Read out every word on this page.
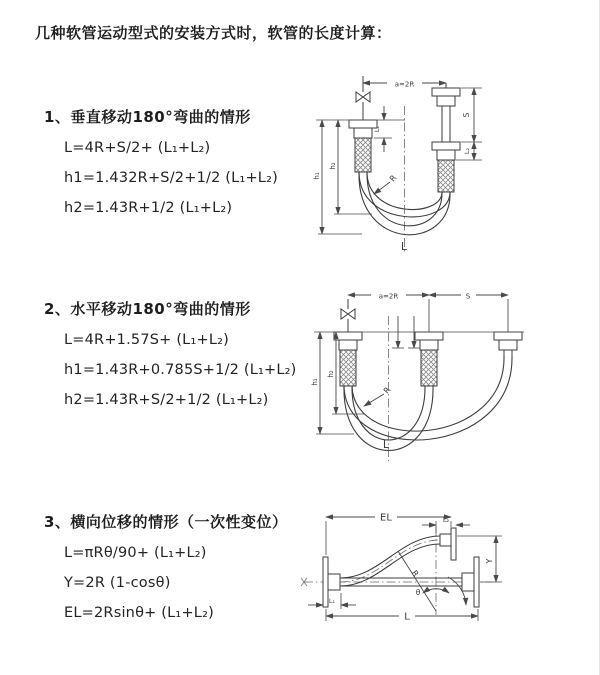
几种软管运动型式的安装方式时，软管的长度计算：
1、垂直移动180°弯曲的情形
L=4R+S/2+ (L₁+L₂)
h1=1.432R+S/2+1/2 (L₁+L₂)
h2=1.43R+1/2 (L₁+L₂)
a=2R
S
L₂
L₁
h₁
h₂
R
L
2、水平移动180°弯曲的情形
L=4R+1.57S+ (L₁+L₂)
h1=1.43R+0.785S+1/2 (L₁+L₂)
h2=1.43R+S/2+1/2 (L₁+L₂)
a=2R	S
h₁
h₂
R
L
3、横向位移的情形（一次性变位）
L=πRθ/90+ (L₁+L₂)
Y=2R (1-cosθ)
EL=2Rsinθ+ (L₁+L₂)
EL	L₂
Y
R
θ
L
L₁
